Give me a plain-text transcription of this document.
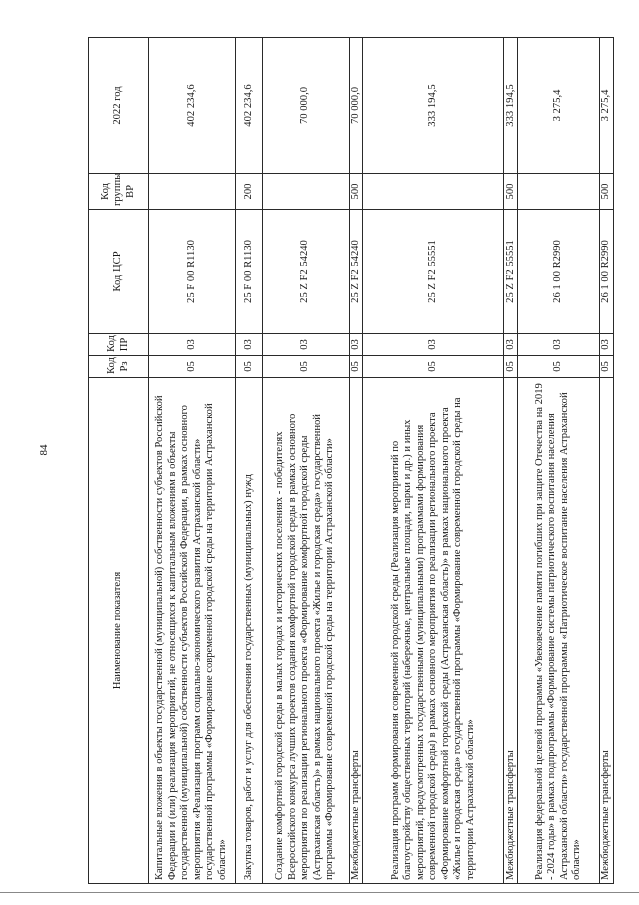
84
Наименование показателя	Код Рз	Код ПР	Код ЦСР	Код группы ВР	2022 год
Капитальные вложения в объекты государственной (муниципальной) собственности субъектов Российской Федерации и (или) реализация мероприятий, не относящихся к капитальным вложениям в объекты государственной (муниципальной) собственности субъектов Российской Федерации, в рамках основного мероприятия «Реализация программ социально-экономического развития Астраханской области» государственной программы «Формирование современной городской среды на территории Астраханской области»	05	03	25 F 00 R1130		402 234,6
Закупка товаров, работ и услуг для обеспечения государственных (муниципальных) нужд	05	03	25 F 00 R1130	200	402 234,6
Создание комфортной городской среды в малых городах и исторических поселениях - победителях Всероссийского конкурса лучших проектов создания комфортной городской среды в рамках основного мероприятия по реализации регионального проекта «Формирование комфортной городской среды (Астраханская область)» в рамках национального проекта «Жилье и городская среда» государственной программы «Формирование современной городской среды на территории Астраханской области»	05	03	25 Z F2 54240		70 000,0
Межбюджетные трансферты	05	03	25 Z F2 54240	500	70 000,0
Реализация программ формирования современной городской среды (Реализация мероприятий по благоустройству общественных территорий (набережные, центральные площади, парки и др.) и иных мероприятий, предусмотренных государственными (муниципальными) программами формирования современной городской среды) в рамках основного мероприятия по реализации регионального проекта «Формирование комфортной городской среды (Астраханская область)» в рамках национального проекта «Жилье и городская среда» государственной программы «Формирование современной городской среды на территории Астраханской области»	05	03	25 Z F2 55551		333 194,5
Межбюджетные трансферты	05	03	25 Z F2 55551	500	333 194,5
Реализация федеральной целевой программы «Увековечение памяти погибших при защите Отечества на 2019 - 2024 годы» в рамках подпрограммы «Формирование системы патриотического воспитания населения Астраханской области» государственной программы «Патриотическое воспитание населения Астраханской области»	05	03	26 1 00 R2990		3 275,4
Межбюджетные трансферты	05	03	26 1 00 R2990	500	3 275,4
